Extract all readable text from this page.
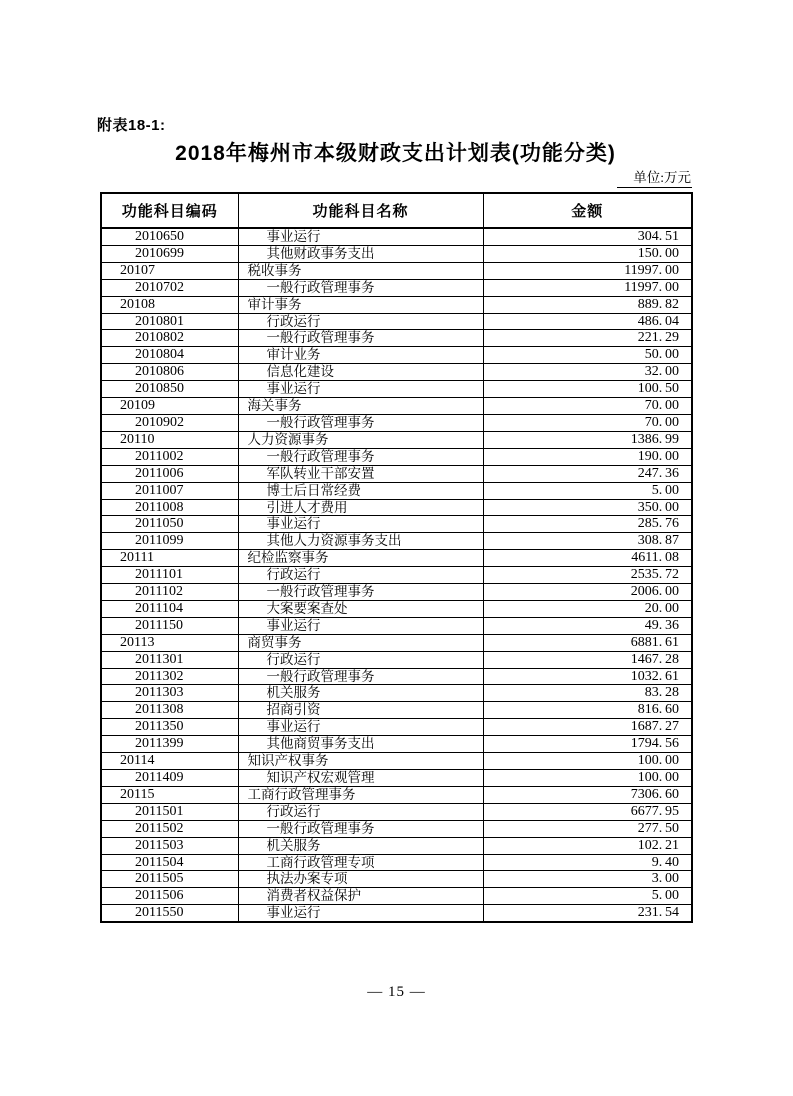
附表18-1:
2018年梅州市本级财政支出计划表(功能分类)
单位:万元
功能科目编码	功能科目名称	金额
2010650	事业运行	304. 51
2010699	其他财政事务支出	150. 00
20107	税收事务	11997. 00
2010702	一般行政管理事务	11997. 00
20108	审计事务	889. 82
2010801	行政运行	486. 04
2010802	一般行政管理事务	221. 29
2010804	审计业务	50. 00
2010806	信息化建设	32. 00
2010850	事业运行	100. 50
20109	海关事务	70. 00
2010902	一般行政管理事务	70. 00
20110	人力资源事务	1386. 99
2011002	一般行政管理事务	190. 00
2011006	军队转业干部安置	247. 36
2011007	博士后日常经费	5. 00
2011008	引进人才费用	350. 00
2011050	事业运行	285. 76
2011099	其他人力资源事务支出	308. 87
20111	纪检监察事务	4611. 08
2011101	行政运行	2535. 72
2011102	一般行政管理事务	2006. 00
2011104	大案要案查处	20. 00
2011150	事业运行	49. 36
20113	商贸事务	6881. 61
2011301	行政运行	1467. 28
2011302	一般行政管理事务	1032. 61
2011303	机关服务	83. 28
2011308	招商引资	816. 60
2011350	事业运行	1687. 27
2011399	其他商贸事务支出	1794. 56
20114	知识产权事务	100. 00
2011409	知识产权宏观管理	100. 00
20115	工商行政管理事务	7306. 60
2011501	行政运行	6677. 95
2011502	一般行政管理事务	277. 50
2011503	机关服务	102. 21
2011504	工商行政管理专项	9. 40
2011505	执法办案专项	3. 00
2011506	消费者权益保护	5. 00
2011550	事业运行	231. 54
— 15 —
